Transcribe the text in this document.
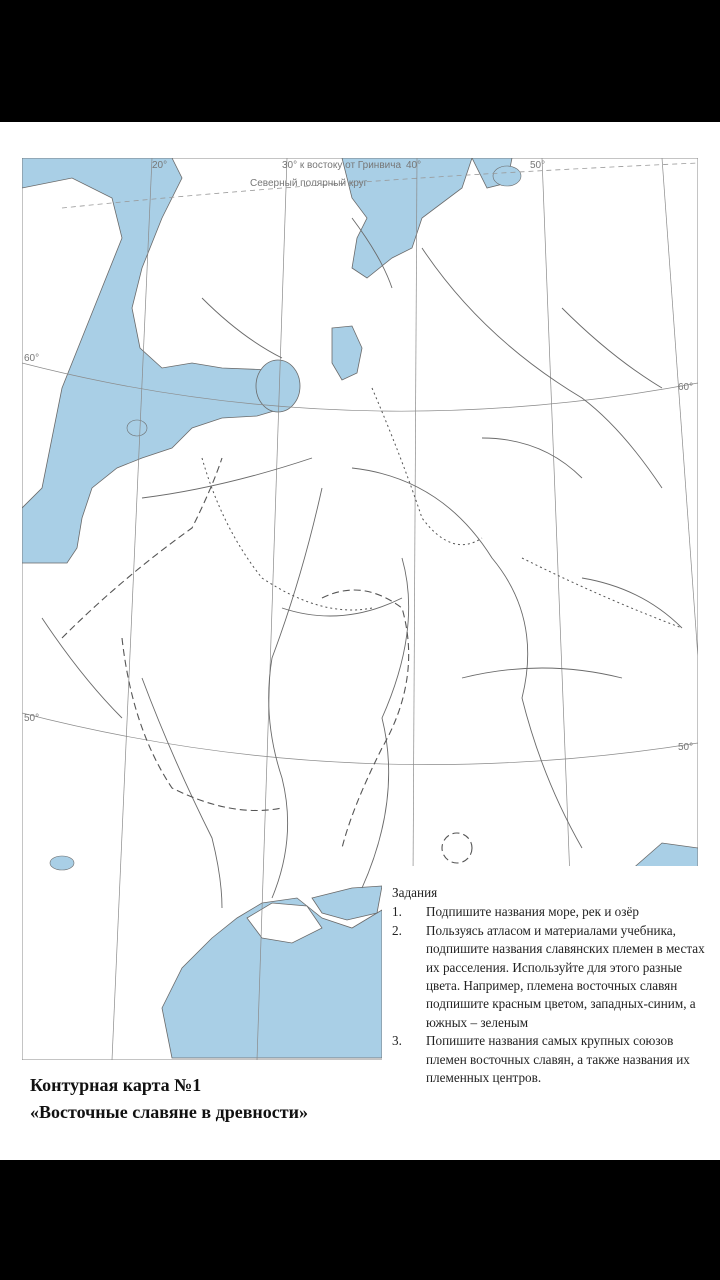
30° к востоку от Гринвича
Северный полярный круг
20°	40°	50°
60°
60°
50°
50°
Задания
1. Подпишите названия море, рек и озёр
2. Пользуясь атласом и материалами учебника, подпишите названия славянских племен в местах их расселения. Используйте для этого разные цвета. Например, племена восточных славян подпишите красным цветом, западных-синим, а южных – зеленым
3. Попишите названия самых крупных союзов племен восточных славян, а также названия их племенных центров.
Контурная карта №1
«Восточные славяне в древности»
